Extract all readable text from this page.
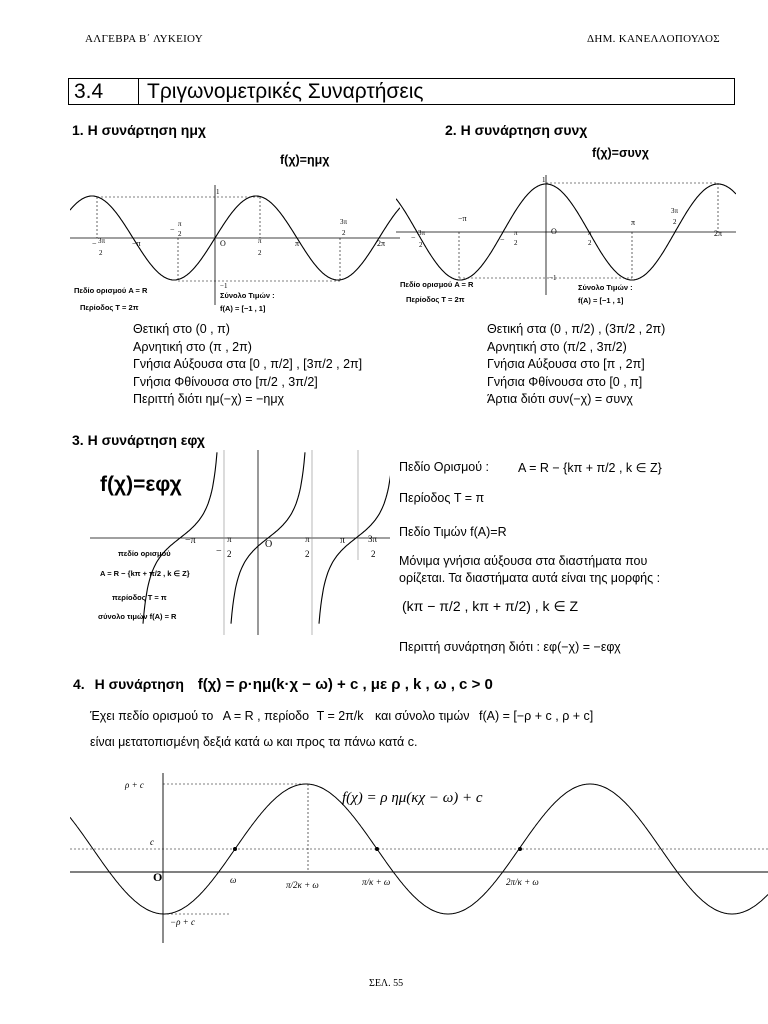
ΑΛΓΕΒΡΑ Β΄ ΛΥΚΕΙΟΥ	ΔΗΜ. ΚΑΝΕΛΛΟΠΟΥΛΟΣ
3.4	Τριγωνομετρικές Συναρτήσεις
1. Η συνάρτηση ημχ
f(χ)=ημχ
1
−1
O
−π	π	2π
− 3π
2
−
π
2
π
2
3π
2
Πεδίο ορισμού A = R
Περίοδος T = 2π
Σύνολο Τιμών :
f(A) = [−1 , 1]
Θετική στο (0 , π)
Αρνητική στο (π , 2π)
Γνήσια Αύξουσα στα [0 , π/2] , [3π/2 , 2π]
Γνήσια Φθίνουσα στο [π/2 , 3π/2]
Περιττή διότι ημ(−χ) = −ημχ
2. Η συνάρτηση συνχ
f(χ)=συνχ
1
−1
O
−π	π
2π
− 3π
2
−
π
2
π
2
3π
2
Πεδίο ορισμού A = R
Περίοδος T = 2π
Σύνολο Τιμών :
f(A) = [−1 , 1]
Θετική στα (0 , π/2) , (3π/2 , 2π)
Αρνητική στο (π/2 , 3π/2)
Γνήσια Αύξουσα στο [π , 2π]
Γνήσια Φθίνουσα στο [0 , π]
Άρτια διότι συν(−χ) = συνχ
3. Η συνάρτηση εφχ
f(χ)=εφχ
−π
−
π
2
O	π
2
π	3π
2
πεδίο ορισμού
A = R − {kπ + π/2 , k ∈ Z}
περίοδος T = π
σύνολο τιμών f(A) = R
Πεδίο Ορισμού : A = R − {kπ + π/2 , k ∈ Z}
Περίοδος T = π
Πεδίο Τιμών f(A)=R
Μόνιμα γνήσια αύξουσα στα διαστήματα που
ορίζεται. Τα διαστήματα αυτά είναι της μορφής :
(kπ − π/2 , kπ + π/2) , k ∈ Z
Περιττή συνάρτηση διότι : εφ(−χ) = −εφχ
4. Η συνάρτηση f(χ) = ρ·ημ(k·χ − ω) + c , με ρ , k , ω , c > 0
Έχει πεδίο ορισμού το A = R , περίοδο T = 2π/k και σύνολο τιμών f(A) = [−ρ + c , ρ + c]
είναι μετατοπισμένη δεξιά κατά ω και προς τα πάνω κατά c.
ρ + c
c
−ρ + c
O	ω	π/2κ + ω	π/κ + ω	2π/κ + ω
f(χ) = ρ ημ(κχ − ω) + c
ΣΕΛ. 55
